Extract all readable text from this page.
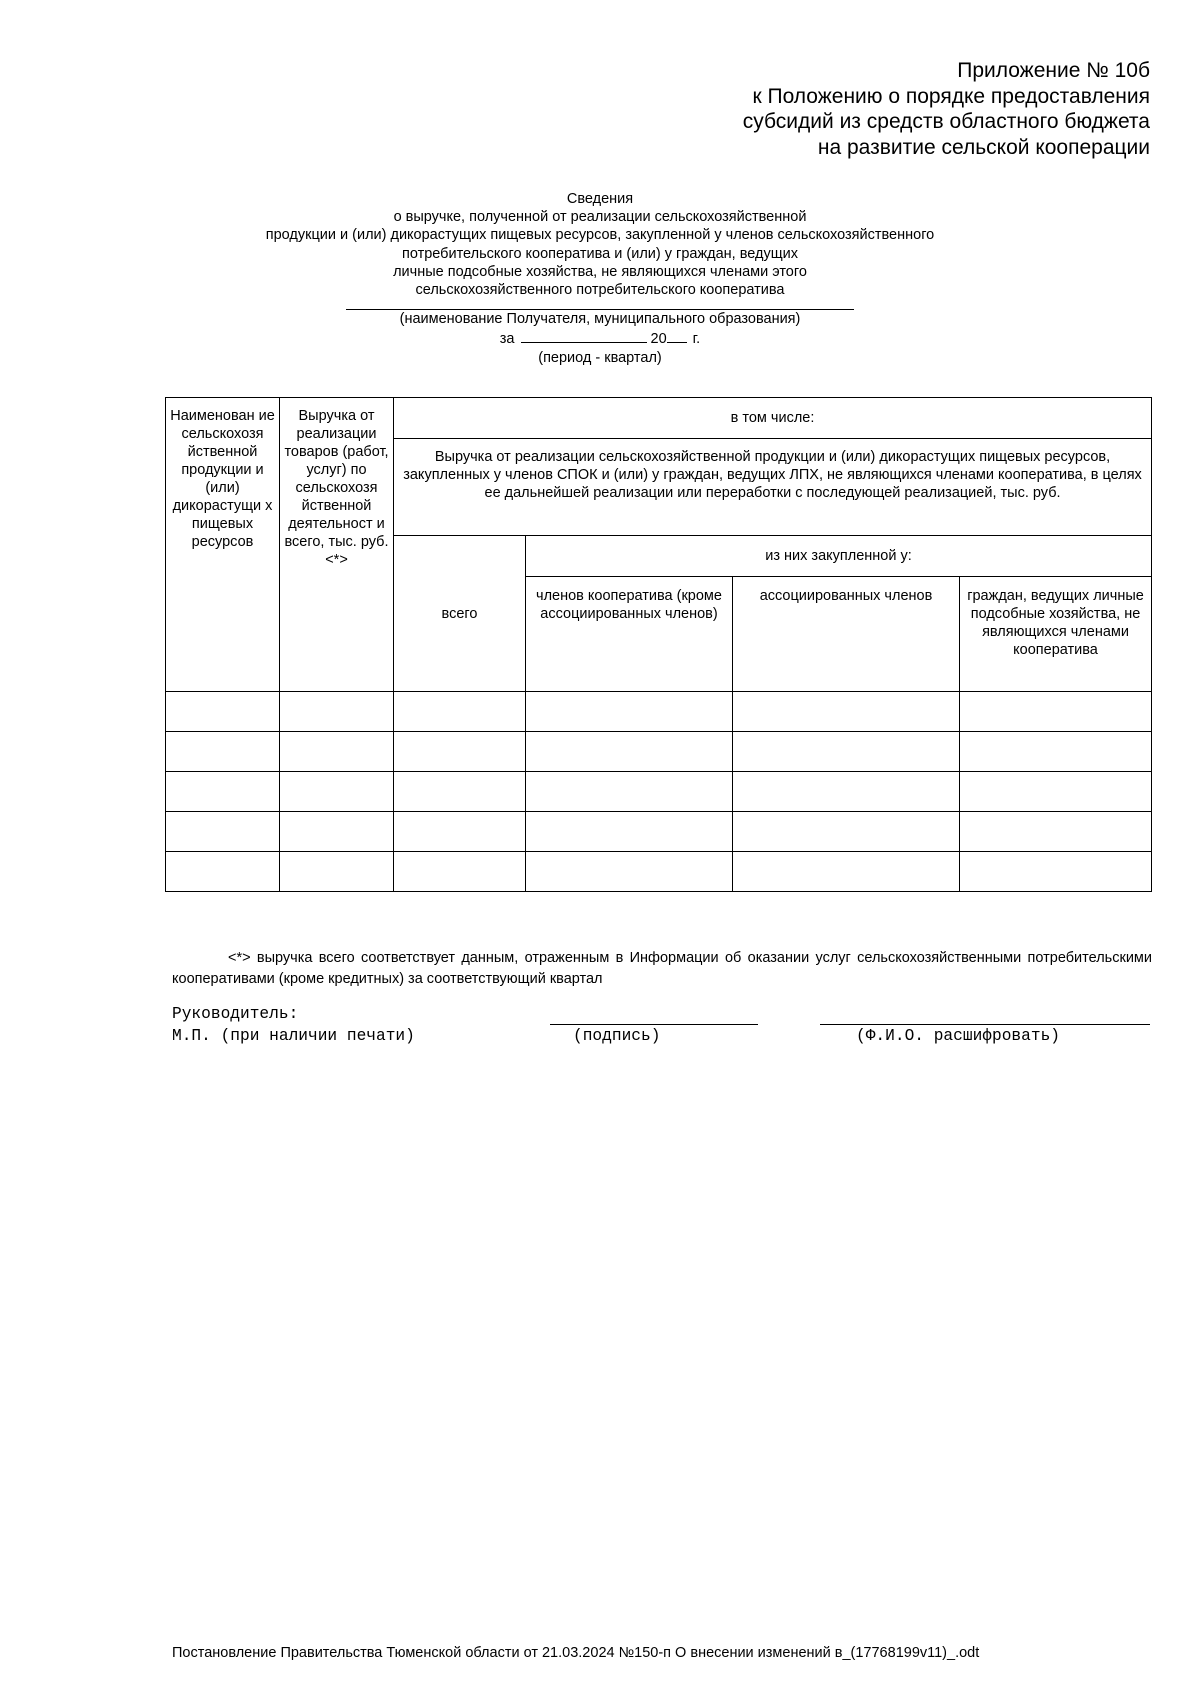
Приложение № 10б
к Положению о порядке предоставления
субсидий из средств областного бюджета
на развитие сельской кооперации
Сведения
о выручке, полученной от реализации сельскохозяйственной
продукции и (или) дикорастущих пищевых ресурсов, закупленной у членов сельскохозяйственного
потребительского кооператива и (или) у граждан, ведущих
личные подсобные хозяйства, не являющихся членами этого
сельскохозяйственного потребительского кооператива
(наименование Получателя, муниципального образования)
за	20 г.
(период - квартал)
Наименован ие сельскохозя йственной продукции и (или) дикорастущи х пищевых ресурсов	Выручка от реализации товаров (работ, услуг) по сельскохозя йственной деятельност и всего, тыс. руб. <*>	в том числе:			
		Выручка от реализации сельскохозяйственной продукции и (или) дикорастущих пищевых ресурсов, закупленных у членов СПОК и (или) у граждан, ведущих ЛПХ, не являющихся членами кооператива, в целях ее дальнейшей реализации или переработки с последующей реализацией, тыс. руб.			
		всего	из них закупленной у:		
			членов кооператива (кроме ассоциированных членов)	ассоциированных членов	граждан, ведущих личные подсобные хозяйства, не являющихся членами кооператива

<*> выручка всего соответствует данным, отраженным в Информации об оказании услуг сельскохозяйственными потребительскими кооперативами (кроме кредитных) за соответствующий квартал
Руководитель:
М.П. (при наличии печати)	(подпись)	(Ф.И.О. расшифровать)
Постановление Правительства Тюменской области от 21.03.2024 №150-п О внесении изменений в_(17768199v11)_.odt
